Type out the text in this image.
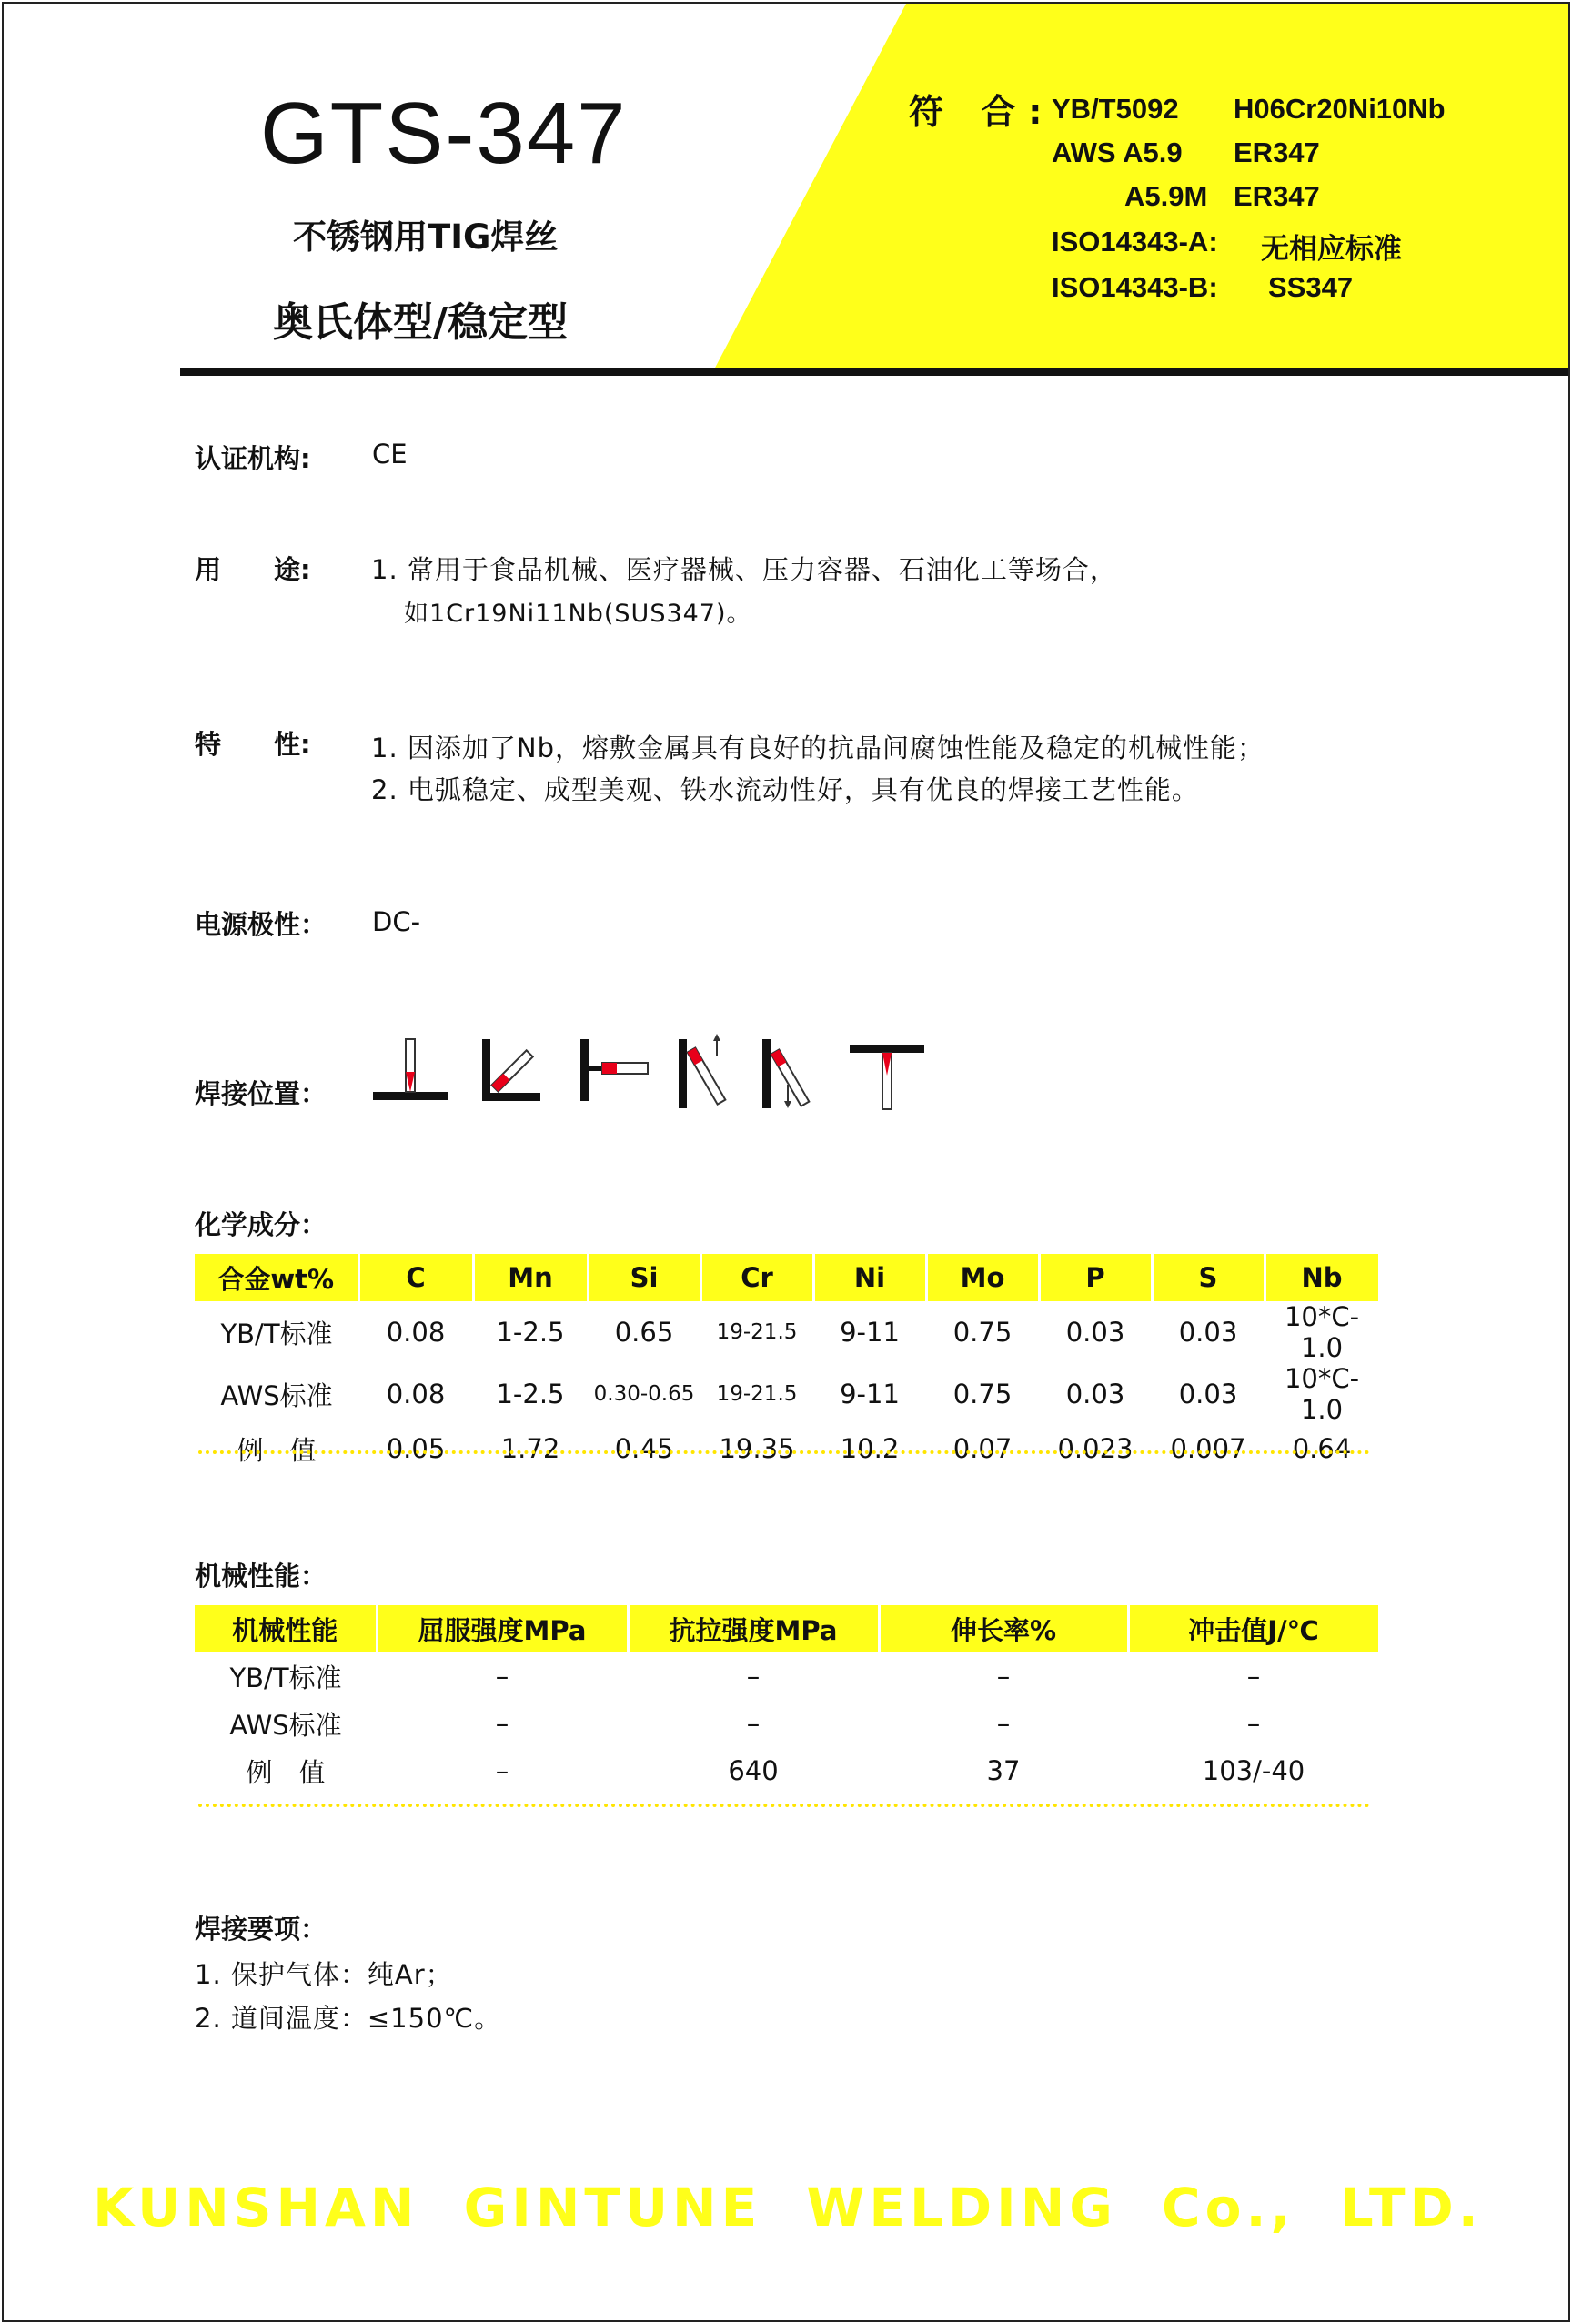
GTS-347
不锈钢用TIG焊丝
奥氏体型/稳定型
符 合:
YB/T5092 H06Cr20Ni10Nb
AWS A5.9 ER347
A5.9M ER347
ISO14343-A: 无相应标准
ISO14343-B: SS347
认证机构: CE
用　　途: 1. 常用于食品机械、医疗器械、压力容器、石油化工等场合，
如1Cr19Ni11Nb(SUS347)。
特　　性: 1. 因添加了Nb，熔敷金属具有良好的抗晶间腐蚀性能及稳定的机械性能；
2. 电弧稳定、成型美观、铁水流动性好，具有优良的焊接工艺性能。
电源极性： DC-
焊接位置：
化学成分：
合金wt%	C	Mn	Si	Cr	Ni	Mo	P	S	Nb
YB/T标准	0.08	1-2.5	0.65	19-21.5	9-11	0.75	0.03	0.03	10*C-1.0
AWS标准	0.08	1-2.5	0.30-0.65	19-21.5	9-11	0.75	0.03	0.03	10*C-1.0
例　值	0.05	1.72	0.45	19.35	10.2	0.07	0.023	0.007	0.64
机械性能：
机械性能	屈服强度MPa	抗拉强度MPa	伸长率%	冲击值J/℃
YB/T标准	–	–	–	–
AWS标准	–	–	–	–
例　值	–	640	37	103/-40
焊接要项：
1. 保护气体：纯Ar；
2. 道间温度：≤150℃。
KUNSHAN GINTUNE WELDING Co., LTD.
